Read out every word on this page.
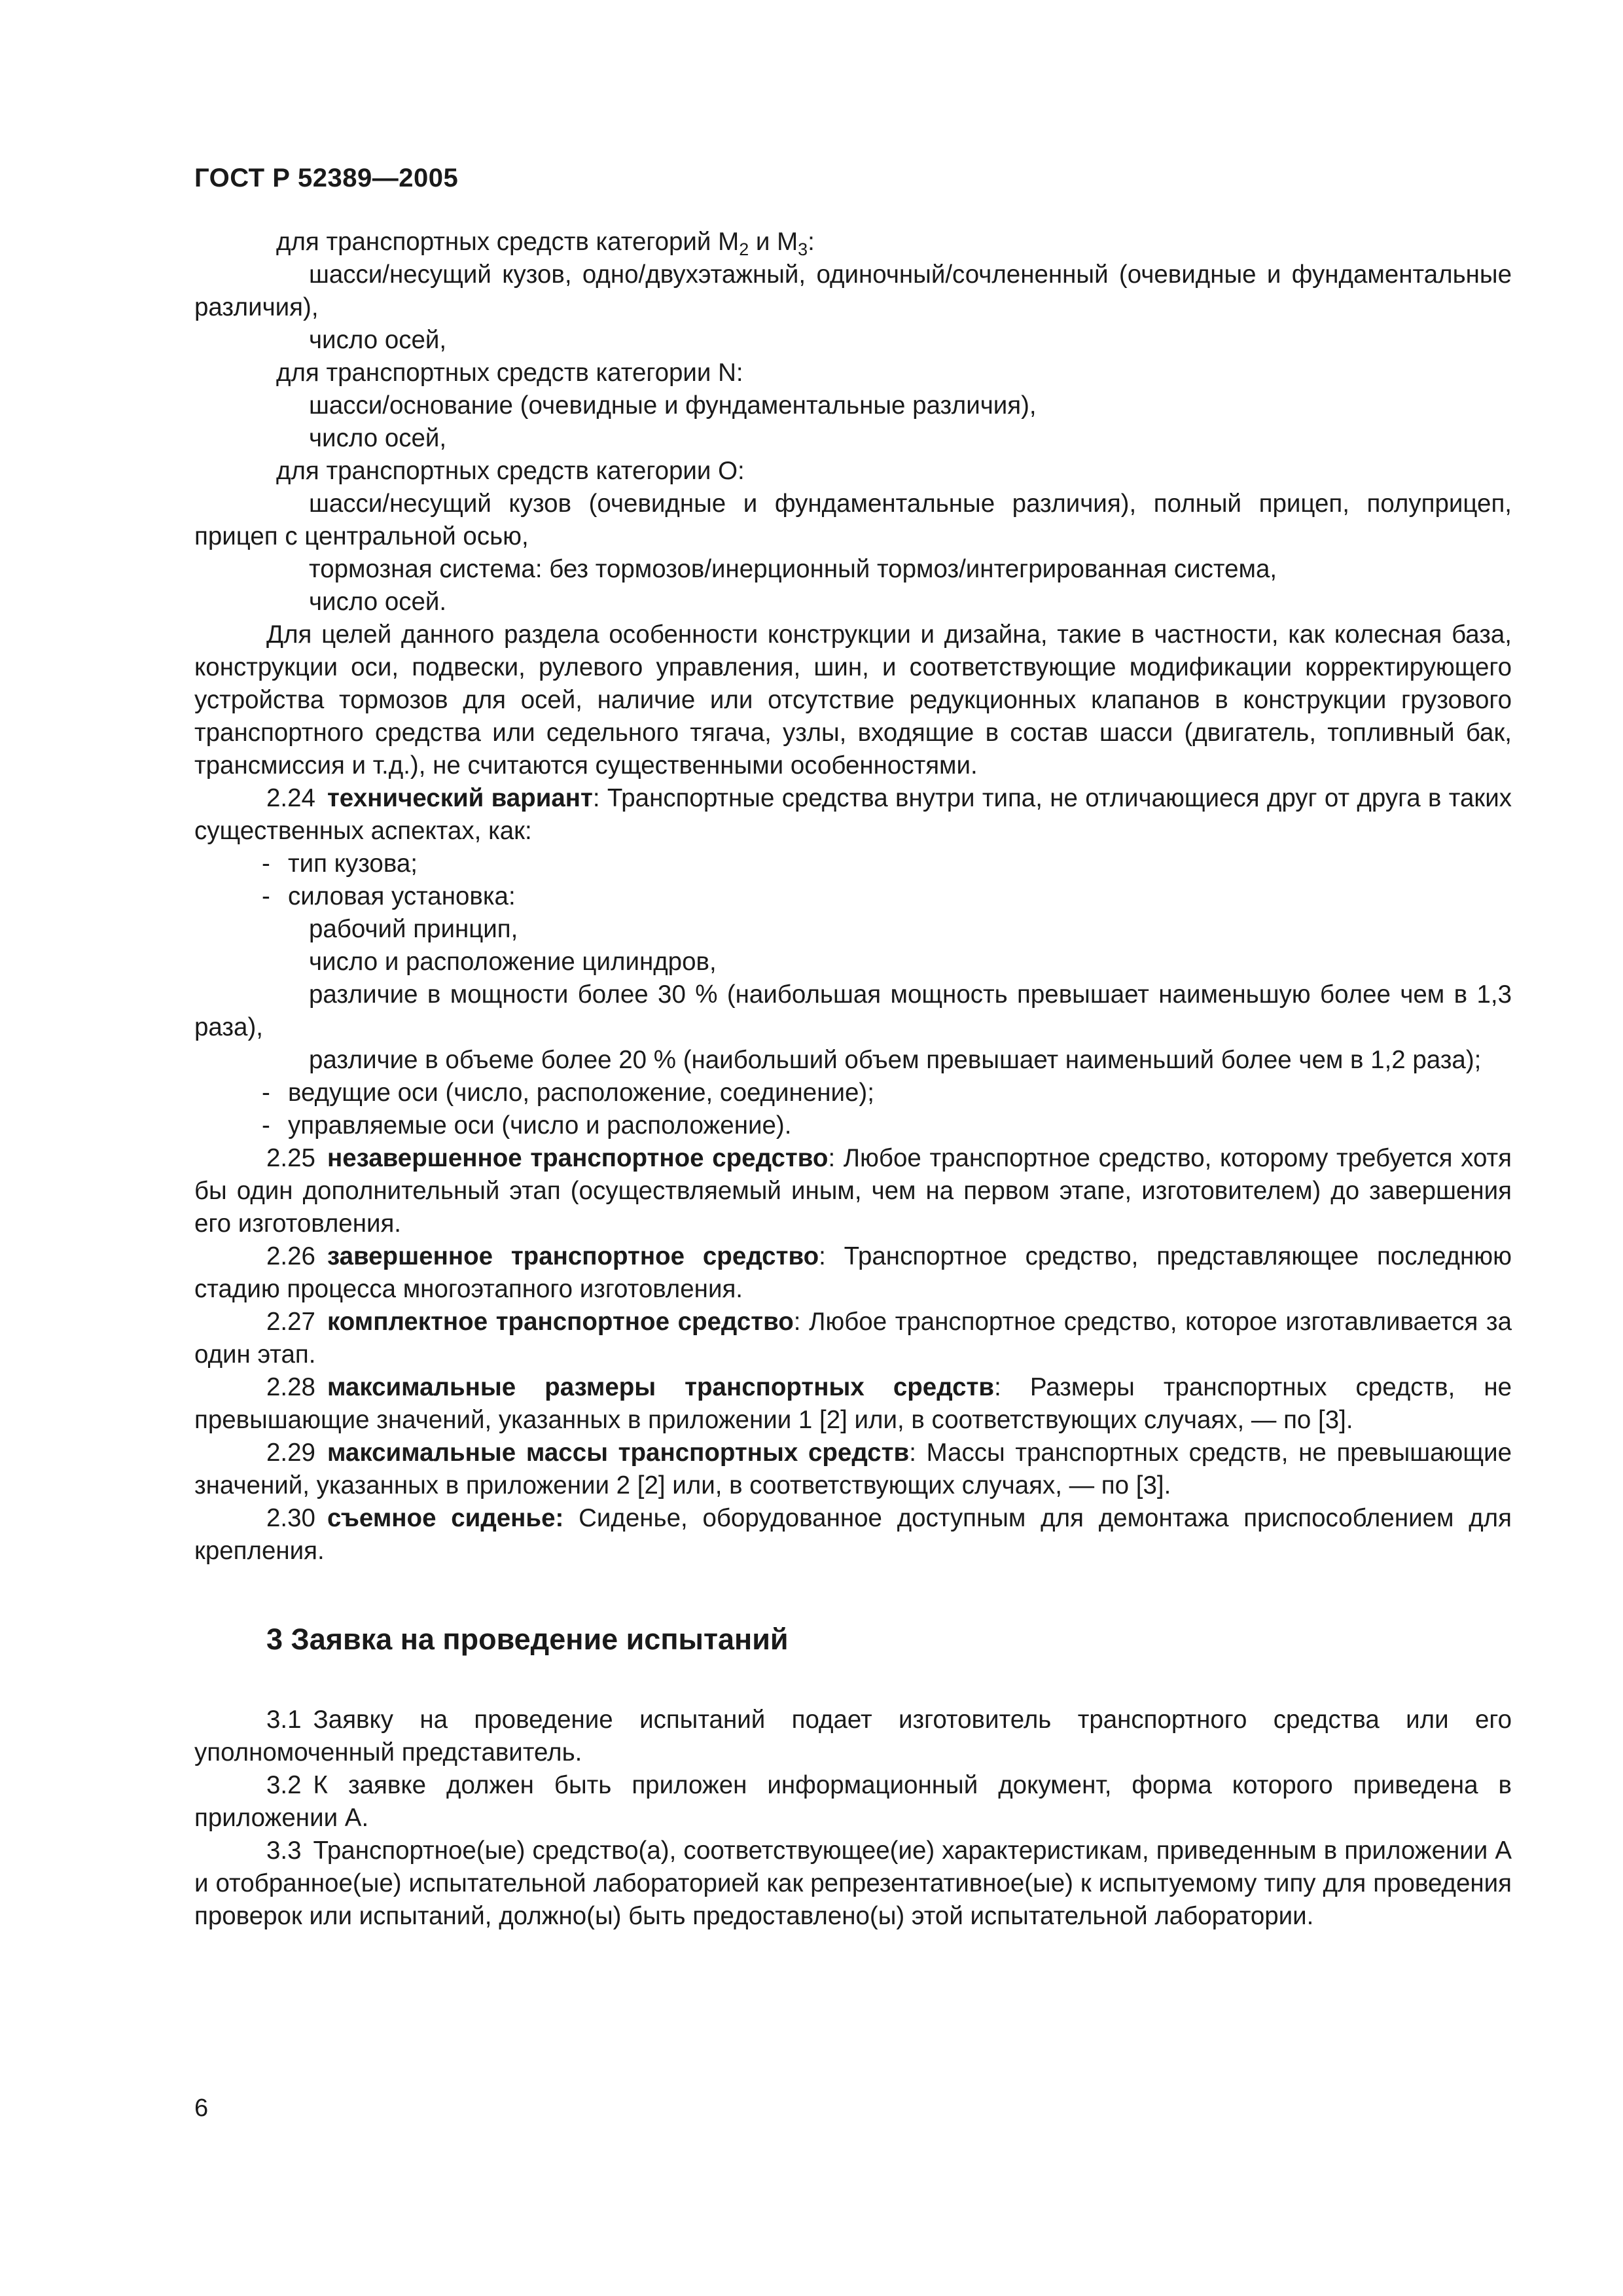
ГОСТ Р 52389—2005

для транспортных средств категорий $M_2$ и $M_3$:

шасси/несущий кузов, одно/двухэтажный, одиночный/сочлененный (очевидные и фундаментальные различия),

число осей,

для транспортных средств категории N:

шасси/основание (очевидные и фундаментальные различия),

число осей,

для транспортных средств категории O:

шасси/несущий кузов (очевидные и фундаментальные различия), полный прицеп, полуприцеп, прицеп с центральной осью,

тормозная система: без тормозов/инерционный тормоз/интегрированная система,

число осей.

Для целей данного раздела особенности конструкции и дизайна, такие в частности, как колесная база, конструкции оси, подвески, рулевого управления, шин, и соответствующие модификации корректирующего устройства тормозов для осей, наличие или отсутствие редукционных клапанов в конструкции грузового транспортного средства или седельного тягача, узлы, входящие в состав шасси (двигатель, топливный бак, трансмиссия и т.д.), не считаются существенными особенностями.

2.24 технический вариант: Транспортные средства внутри типа, не отличающиеся друг от друга в таких существенных аспектах, как:

- тип кузова;

- силовая установка:

рабочий принцип,

число и расположение цилиндров,

различие в мощности более 30 % (наибольшая мощность превышает наименьшую более чем в 1,3 раза),

различие в объеме более 20 % (наибольший объем превышает наименьший более чем в 1,2 раза);

- ведущие оси (число, расположение, соединение);

- управляемые оси (число и расположение).

2.25 незавершенное транспортное средство: Любое транспортное средство, которому требуется хотя бы один дополнительный этап (осуществляемый иным, чем на первом этапе, изготовителем) до завершения его изготовления.

2.26 завершенное транспортное средство: Транспортное средство, представляющее последнюю стадию процесса многоэтапного изготовления.

2.27 комплектное транспортное средство: Любое транспортное средство, которое изготавливается за один этап.

2.28 максимальные размеры транспортных средств: Размеры транспортных средств, не превышающие значений, указанных в приложении 1 [2] или, в соответствующих случаях, — по [3].

2.29 максимальные массы транспортных средств: Массы транспортных средств, не превышающие значений, указанных в приложении 2 [2] или, в соответствующих случаях, — по [3].

2.30 съемное сиденье: Сиденье, оборудованное доступным для демонтажа приспособлением для крепления.

3 Заявка на проведение испытаний

3.1 Заявку на проведение испытаний подает изготовитель транспортного средства или его уполномоченный представитель.

3.2 К заявке должен быть приложен информационный документ, форма которого приведена в приложении А.

3.3 Транспортное(ые) средство(а), соответствующее(ие) характеристикам, приведенным в приложении А и отобранное(ые) испытательной лабораторией как репрезентативное(ые) к испытуемому типу для проведения проверок или испытаний, должно(ы) быть предоставлено(ы) этой испытательной лаборатории.

6
